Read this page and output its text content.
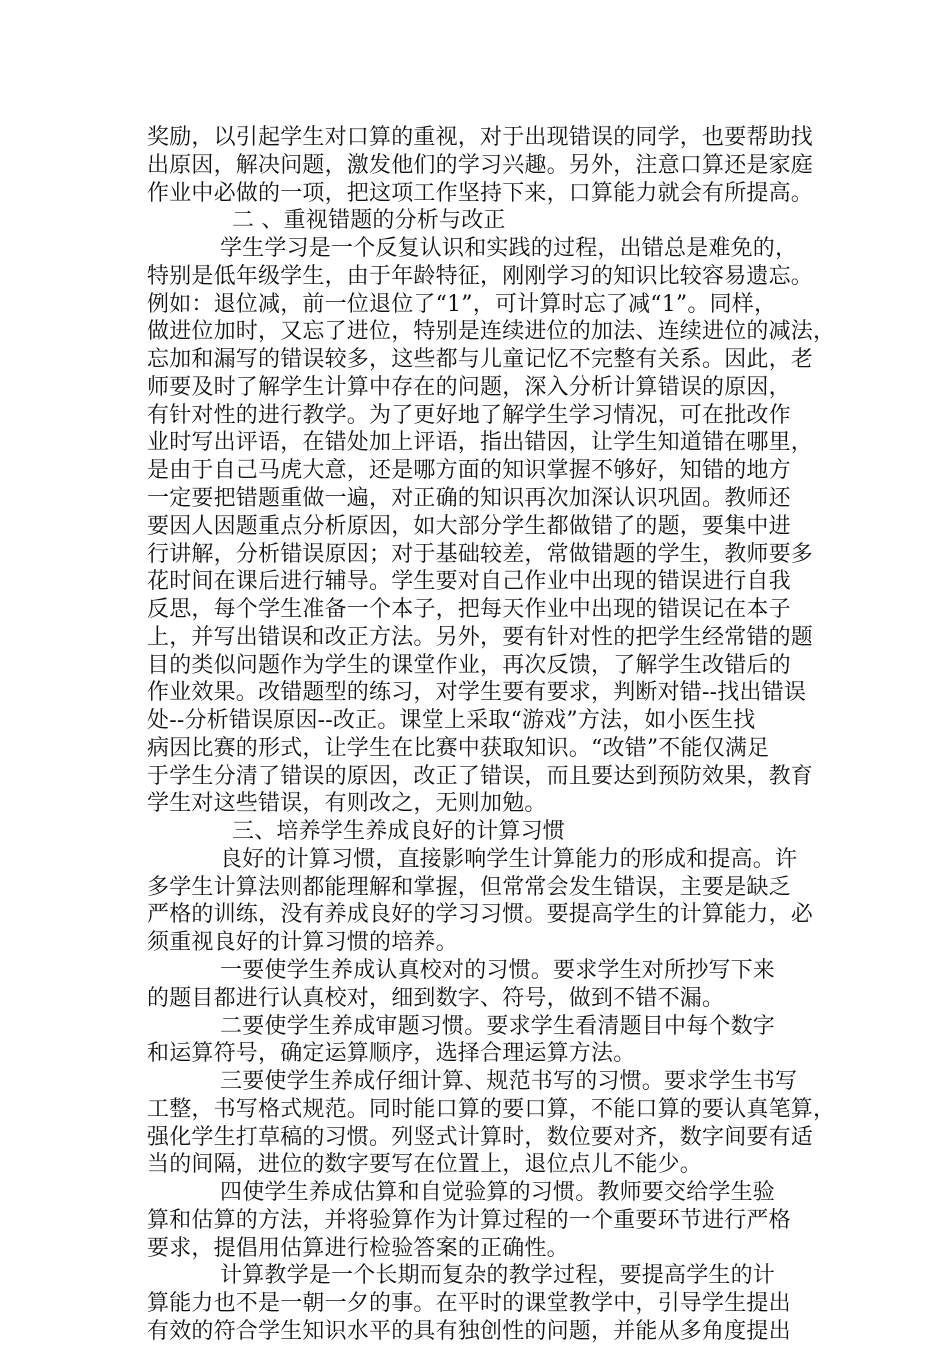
奖励，以引起学生对口算的重视，对于出现错误的同学，也要帮助找
出原因，解决问题，激发他们的学习兴趣。另外，注意口算还是家庭
作业中必做的一项，把这项工作坚持下来，口算能力就会有所提高。
二 、重视错题的分析与改正
学生学习是一个反复认识和实践的过程，出错总是难免的，
特别是低年级学生，由于年龄特征，刚刚学习的知识比较容易遗忘。
例如：退位减，前一位退位了“1”，可计算时忘了减“1”。同样，
做进位加时，又忘了进位，特别是连续进位的加法、连续进位的减法，
忘加和漏写的错误较多，这些都与儿童记忆不完整有关系。因此，老
师要及时了解学生计算中存在的问题，深入分析计算错误的原因，
有针对性的进行教学。为了更好地了解学生学习情况，可在批改作
业时写出评语，在错处加上评语，指出错因，让学生知道错在哪里，
是由于自己马虎大意，还是哪方面的知识掌握不够好，知错的地方
一定要把错题重做一遍，对正确的知识再次加深认识巩固。教师还
要因人因题重点分析原因，如大部分学生都做错了的题，要集中进
行讲解，分析错误原因；对于基础较差，常做错题的学生，教师要多
花时间在课后进行辅导。学生要对自己作业中出现的错误进行自我
反思，每个学生准备一个本子，把每天作业中出现的错误记在本子
上，并写出错误和改正方法。另外，要有针对性的把学生经常错的题
目的类似问题作为学生的课堂作业，再次反馈，了解学生改错后的
作业效果。改错题型的练习，对学生要有要求，判断对错--找出错误
处--分析错误原因--改正。课堂上采取“游戏”方法，如小医生找
病因比赛的形式，让学生在比赛中获取知识。“改错”不能仅满足
于学生分清了错误的原因，改正了错误，而且要达到预防效果，教育
学生对这些错误，有则改之，无则加勉。
三、培养学生养成良好的计算习惯
良好的计算习惯，直接影响学生计算能力的形成和提高。许
多学生计算法则都能理解和掌握，但常常会发生错误，主要是缺乏
严格的训练，没有养成良好的学习习惯。要提高学生的计算能力，必
须重视良好的计算习惯的培养。
一要使学生养成认真校对的习惯。要求学生对所抄写下来
的题目都进行认真校对，细到数字、符号，做到不错不漏。
二要使学生养成审题习惯。要求学生看清题目中每个数字
和运算符号，确定运算顺序，选择合理运算方法。
三要使学生养成仔细计算、规范书写的习惯。要求学生书写
工整，书写格式规范。同时能口算的要口算，不能口算的要认真笔算，
强化学生打草稿的习惯。列竖式计算时，数位要对齐，数字间要有适
当的间隔，进位的数字要写在位置上，退位点儿不能少。
四使学生养成估算和自觉验算的习惯。教师要交给学生验
算和估算的方法，并将验算作为计算过程的一个重要环节进行严格
要求，提倡用估算进行检验答案的正确性。
计算教学是一个长期而复杂的教学过程，要提高学生的计
算能力也不是一朝一夕的事。在平时的课堂教学中，引导学生提出
有效的符合学生知识水平的具有独创性的问题，并能从多角度提出
